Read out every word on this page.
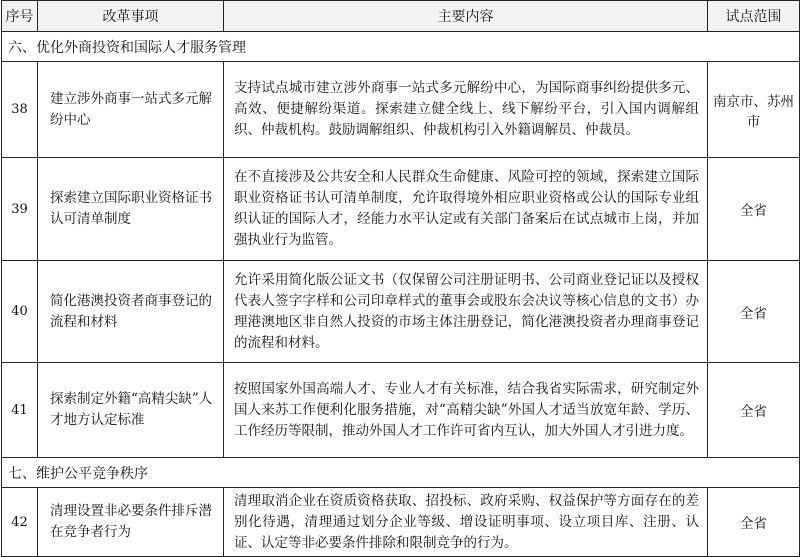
序号	改革事项	主要内容	试点范围
六、优化外商投资和国际人才服务管理			
38	建立涉外商事一站式多元解纷中心	支持试点城市建立涉外商事一站式多元解纷中心，为国际商事纠纷提供多元、高效、便捷解纷渠道。探索建立健全线上、线下解纷平台，引入国内调解组织、仲裁机构。鼓励调解组织、仲裁机构引入外籍调解员、仲裁员。	南京市、苏州市
39	探索建立国际职业资格证书认可清单制度	在不直接涉及公共安全和人民群众生命健康、风险可控的领域，探索建立国际职业资格证书认可清单制度，允许取得境外相应职业资格或公认的国际专业组织认证的国际人才，经能力水平认定或有关部门备案后在试点城市上岗，并加强执业行为监管。	全省
40	简化港澳投资者商事登记的流程和材料	允许采用简化版公证文书（仅保留公司注册证明书、公司商业登记证以及授权代表人签字字样和公司印章样式的董事会或股东会决议等核心信息的文书）办理港澳地区非自然人投资的市场主体注册登记，简化港澳投资者办理商事登记的流程和材料。	全省
41	探索制定外籍“高精尖缺”人才地方认定标准	按照国家外国高端人才、专业人才有关标准，结合我省实际需求，研究制定外国人来苏工作便利化服务措施，对“高精尖缺”外国人才适当放宽年龄、学历、工作经历等限制，推动外国人才工作许可省内互认，加大外国人才引进力度。	全省
七、维护公平竞争秩序			
42	清理设置非必要条件排斥潜在竞争者行为	清理取消企业在资质资格获取、招投标、政府采购、权益保护等方面存在的差别化待遇，清理通过划分企业等级、增设证明事项、设立项目库、注册、认证、认定等非必要条件排除和限制竞争的行为。	全省
